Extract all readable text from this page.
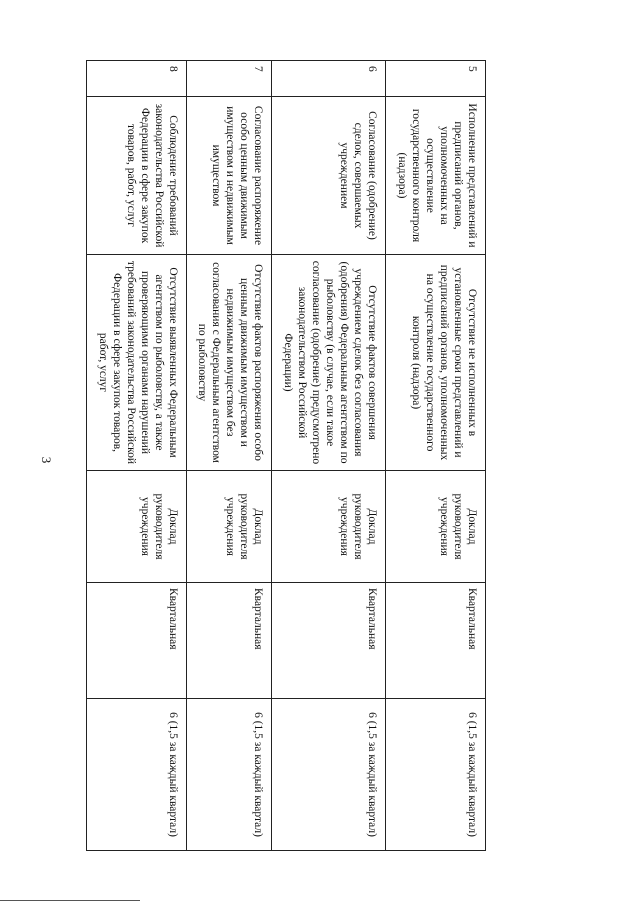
3
5	Исполнение представлений и предписаний органов, уполномоченных на осуществление государственного контроля (надзора)	Отсутствие не исполненных в установленные сроки представлений и предписаний органов, уполномоченных на осуществление государственного контроля (надзора)	Доклад руководителя учреждения	Квартальная	6 (1,5 за каждый квартал)

6	Согласование (одобрение) сделок, совершаемых учреждением	Отсутствие фактов совершения учреждением сделок без согласования (одобрения) Федеральным агентством по рыболовству (в случае, если такое согласование (одобрение) предусмотрено законодательством Российской Федерации)	Доклад руководителя учреждения	Квартальная	6 (1,5 за каждый квартал)

7	Согласование распоряжение особо ценным движимым имуществом и недвижимым имуществом	Отсутствие фактов распоряжения особо ценным движимым имуществом и недвижимым имуществом без согласования с Федеральным агентством по рыболовству	Доклад руководителя учреждения	Квартальная	6 (1,5 за каждый квартал)

8	Соблюдение требований законодательства Российской Федерации в сфере закупок товаров, работ, услуг	Отсутствие выявленных Федеральным агентством по рыболовству, а также проверяющими органами нарушений требований законодательства Российской Федерации в сфере закупок товаров, работ, услуг	Доклад руководителя учреждения	Квартальная	6 (1,5 за каждый квартал)
